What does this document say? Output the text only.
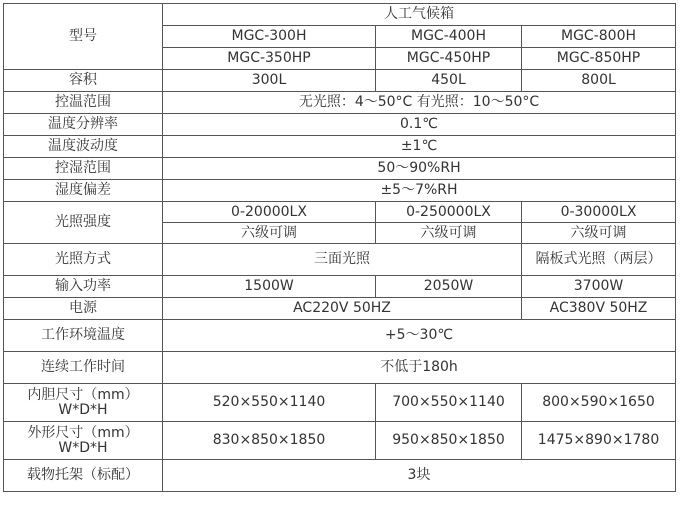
型号	人工气候箱		
	MGC-300H	MGC-400H	MGC-800H
	MGC-350HP	MGC-450HP	MGC-850HP
容积	300L	450L	800L
控温范围	无光照：4～50°C 有光照：10～50°C		
温度分辨率	0.1℃		
温度波动度	±1℃		
控湿范围	50～90%RH		
湿度偏差	±5～7%RH		
光照强度	0-20000LX	0-250000LX	0-30000LX
	六级可调	六级可调	六级可调
光照方式	三面光照		隔板式光照（两层）
输入功率	1500W	2050W	3700W
电源	AC220V 50HZ		AC380V 50HZ
工作环境温度	+5～30℃		
连续工作时间	不低于180h		
内胆尺寸（mm）W*D*H	520×550×1140	700×550×1140	800×590×1650
外形尺寸（mm）W*D*H	830×850×1850	950×850×1850	1475×890×1780
载物托架（标配）	3块		
